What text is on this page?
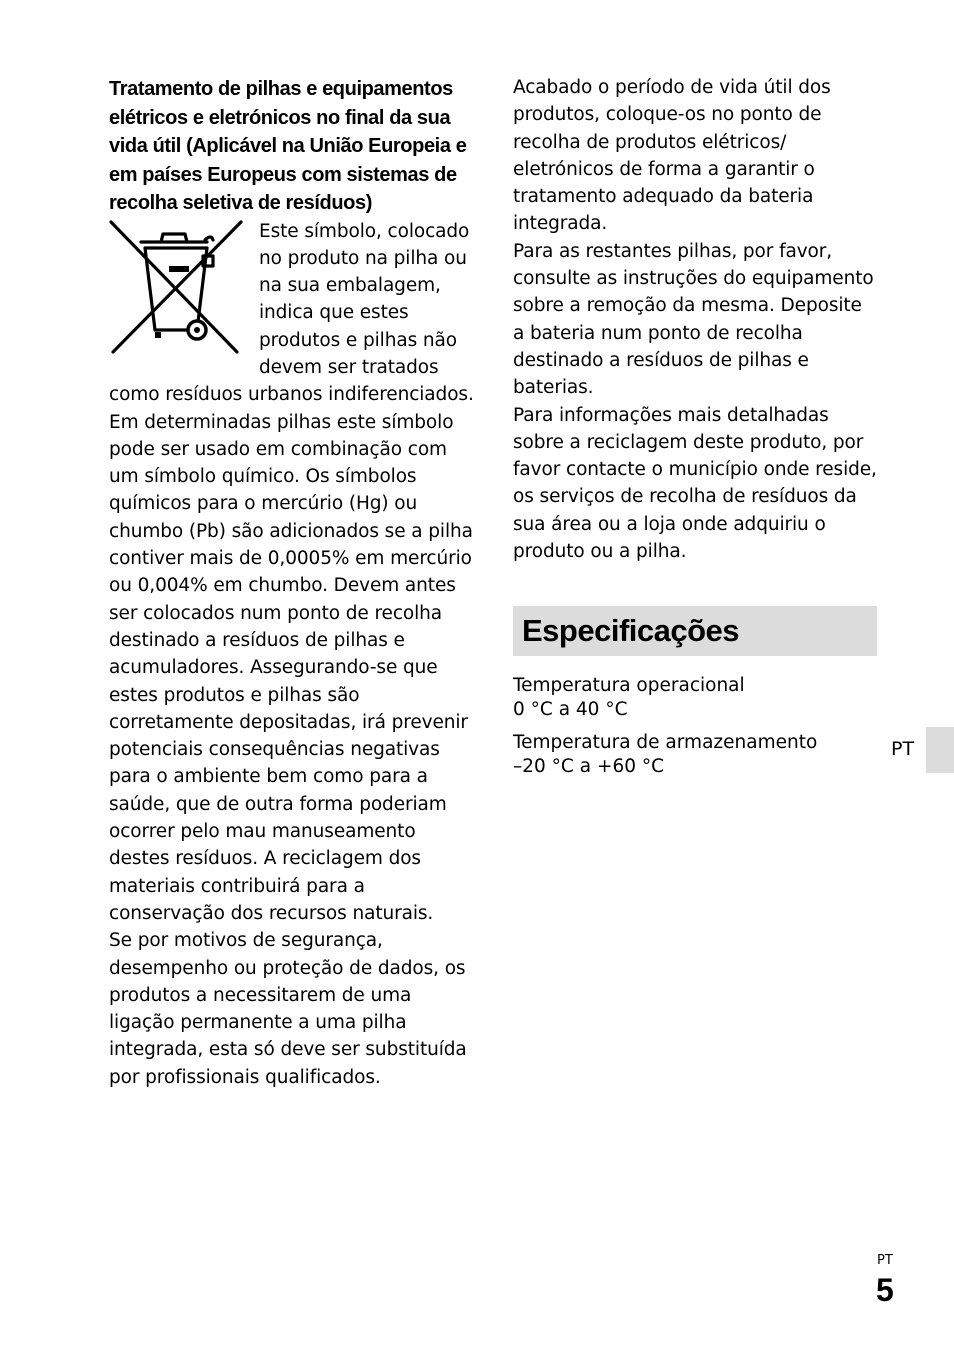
Tratamento de pilhas e equipamentos elétricos e eletrónicos no final da sua vida útil (Aplicável na União Europeia e em países Europeus com sistemas de recolha seletiva de resíduos)

Este símbolo, colocado no produto na pilha ou na sua embalagem, indica que estes produtos e pilhas não devem ser tratados como resíduos urbanos indiferenciados.

Em determinadas pilhas este símbolo pode ser usado em combinação com um símbolo químico. Os símbolos químicos para o mercúrio (Hg) ou chumbo (Pb) são adicionados se a pilha contiver mais de 0,0005% em mercúrio ou 0,004% em chumbo. Devem antes ser colocados num ponto de recolha destinado a resíduos de pilhas e acumuladores. Assegurando-se que estes produtos e pilhas são corretamente depositadas, irá prevenir potenciais consequências negativas para o ambiente bem como para a saúde, que de outra forma poderiam ocorrer pelo mau manuseamento destes resíduos. A reciclagem dos materiais contribuirá para a conservação dos recursos naturais.

Se por motivos de segurança, desempenho ou proteção de dados, os produtos a necessitarem de uma ligação permanente a uma pilha integrada, esta só deve ser substituída por profissionais qualificados.

Acabado o período de vida útil dos produtos, coloque-os no ponto de recolha de produtos elétricos/ eletrónicos de forma a garantir o tratamento adequado da bateria integrada.

Para as restantes pilhas, por favor, consulte as instruções do equipamento sobre a remoção da mesma. Deposite a bateria num ponto de recolha destinado a resíduos de pilhas e baterias.

Para informações mais detalhadas sobre a reciclagem deste produto, por favor contacte o município onde reside, os serviços de recolha de resíduos da sua área ou a loja onde adquiriu o produto ou a pilha.

Especificações

Temperatura operacional

0 °C a 40 °C

Temperatura de armazenamento

–20 °C a +60 °C

PT

PT

5
